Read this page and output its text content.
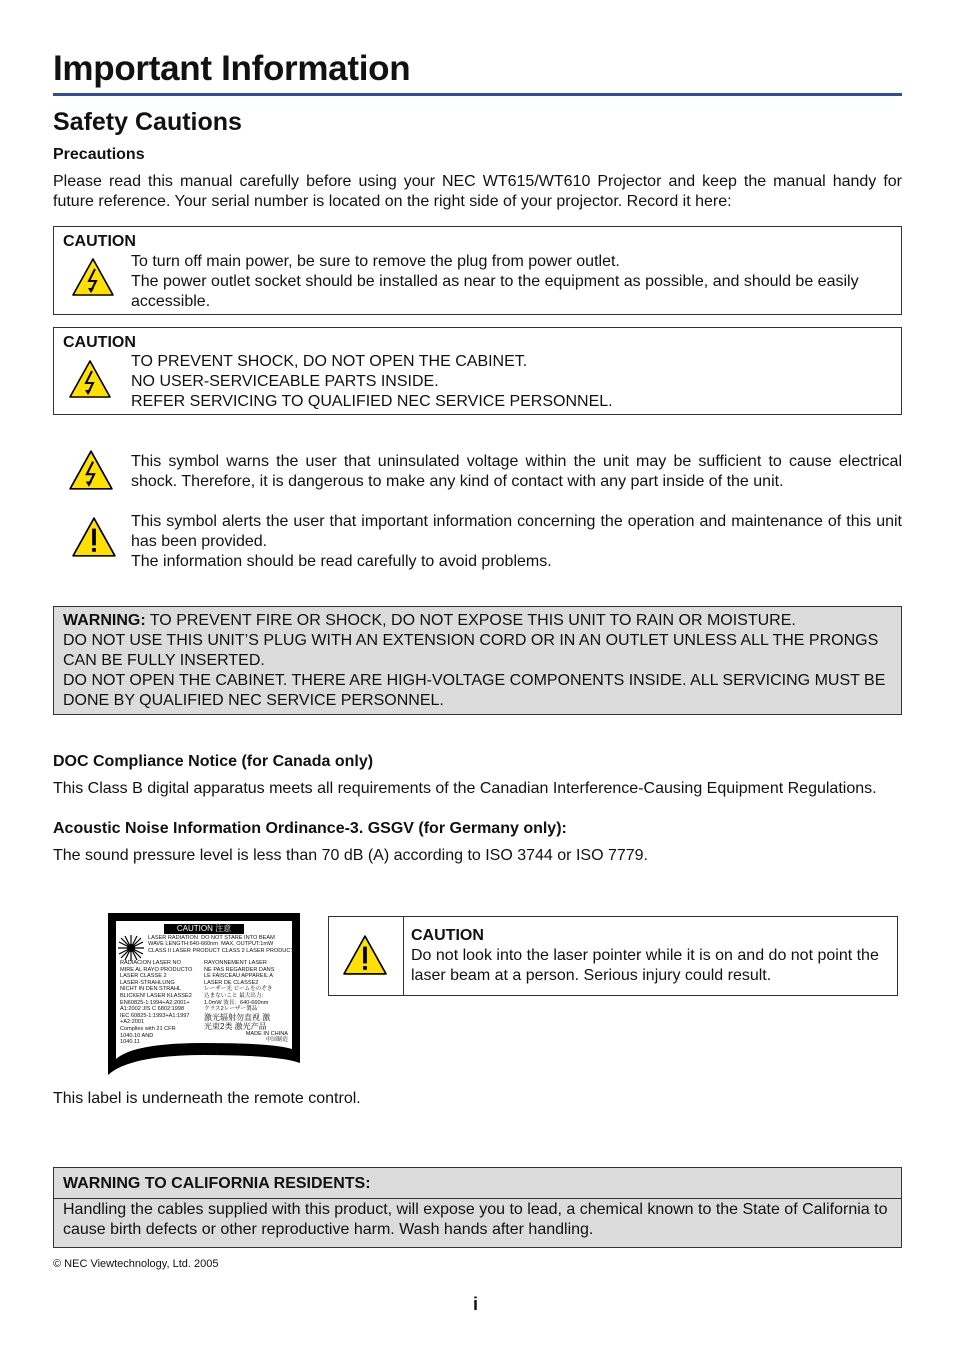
Important Information
Safety Cautions
Precautions

Please read this manual carefully before using your NEC WT615/WT610 Projector and keep the manual handy for future reference. Your serial number is located on the right side of your projector. Record it here:

CAUTION
To turn off main power, be sure to remove the plug from power outlet.
The power outlet socket should be installed as near to the equipment as possible, and should be easily accessible.
CAUTION
TO PREVENT SHOCK, DO NOT OPEN THE CABINET.
NO USER-SERVICEABLE PARTS INSIDE.
REFER SERVICING TO QUALIFIED NEC SERVICE PERSONNEL.

This symbol warns the user that uninsulated voltage within the unit may be sufficient to cause electrical shock. Therefore, it is dangerous to make any kind of contact with any part inside of the unit.

This symbol alerts the user that important information concerning the operation and maintenance of this unit has been provided.
The information should be read carefully to avoid problems.
WARNING: TO PREVENT FIRE OR SHOCK, DO NOT EXPOSE THIS UNIT TO RAIN OR MOISTURE.
DO NOT USE THIS UNIT’S PLUG WITH AN EXTENSION CORD OR IN AN OUTLET UNLESS ALL THE PRONGS CAN BE FULLY INSERTED.
DO NOT OPEN THE CABINET. THERE ARE HIGH-VOLTAGE COMPONENTS INSIDE. ALL SERVICING MUST BE DONE BY QUALIFIED NEC SERVICE PERSONNEL.
DOC Compliance Notice (for Canada only)

This Class B digital apparatus meets all requirements of the Canadian Interference-Causing Equipment Regulations.

Acoustic Noise Information Ordinance-3. GSGV (for Germany only):

The sound pressure level is less than 70 dB (A) according to ISO 3744 or ISO 7779.

CAUTION 注意
LASER RADIATION DO NOT STARE INTO BEAM
WAVE LENGTH:640-660nm MAX. OUTPUT:1mW
CLASS II LASER PRODUCT CLASS 2 LASER PRODUCT
RADIACION LASER NO
MIRE AL RAYO PRODUCTO
LASER CLASSE 2
LASER-STRAHLUNG
NICHT IN DEN STRAHL
BLICKEN! LASER KLASSE2
EN60825-1:1994+A2:2001+
A1:2002 JIS C 6802:1998
IEC 60825-1:1993+A1:1997
+A2:2001
Complies with 21 CFR
1040.10 AND
1040.11
RAYONNEMENT LASER
NE PAS REGARDER DANS
LE FAISCEAU APPAREIL A
LASER DE CLASSE2
レーザー光 ビームをのぞき
込まないこと 最大出力：
1.0mW 波長：640-660nm
クラス2レーザー製品
激光辐射勿直视 激
光束2类 激光产品
MADE IN CHINA
中国制造
L-CLICK
CAUTION

Do not look into the laser pointer while it is on and do not point the laser beam at a person. Serious injury could result.

This label is underneath the remote control.

WARNING TO CALIFORNIA RESIDENTS:

Handling the cables supplied with this product, will expose you to lead, a chemical known to the State of California to cause birth defects or other reproductive harm. Wash hands after handling.

© NEC Viewtechnology, Ltd. 2005
i
